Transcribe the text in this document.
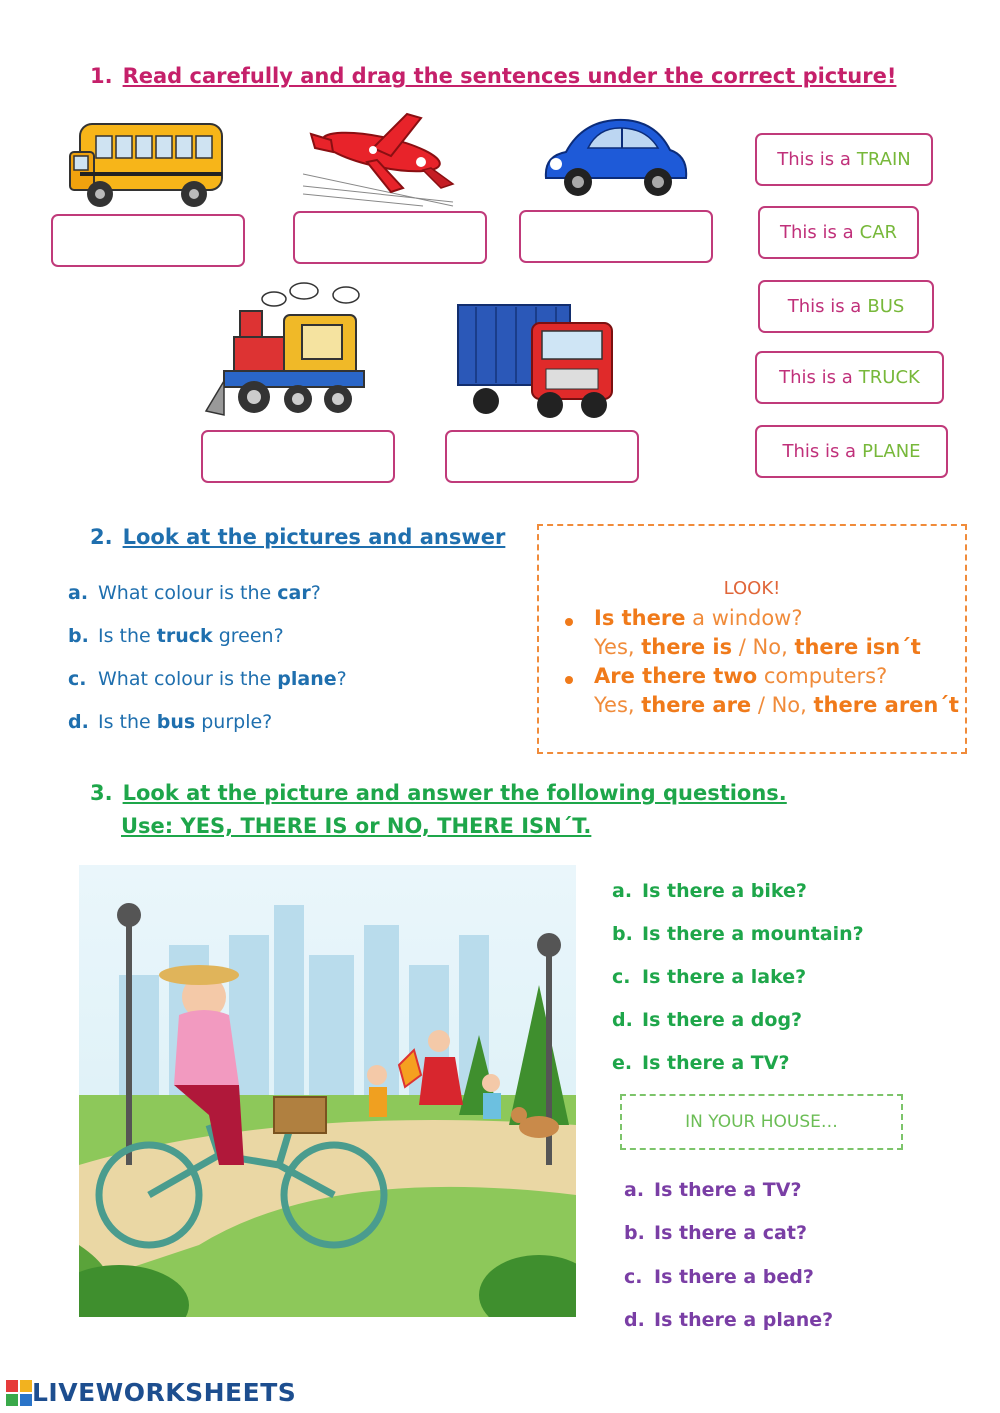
1. Read carefully and drag the sentences under the correct picture!
This is a TRAIN
This is a CAR
This is a BUS
This is a TRUCK
This is a PLANE
2. Look at the pictures and answer
a. What colour is the car?
b. Is the truck green?
c. What colour is the plane?
d. Is the bus purple?
LOOK!
Is there a window?
Yes, there is / No, there isn´t
Are there two computers?
Yes, there are / No, there aren´t
3. Look at the picture and answer the following questions.
Use: YES, THERE IS or NO, THERE ISN´T.
a. Is there a bike?
b. Is there a mountain?
c. Is there a lake?
d. Is there a dog?
e. Is there a TV?
IN YOUR HOUSE…
a. Is there a TV?
b. Is there a cat?
c. Is there a bed?
d. Is there a plane?
LIVEWORKSHEETS
